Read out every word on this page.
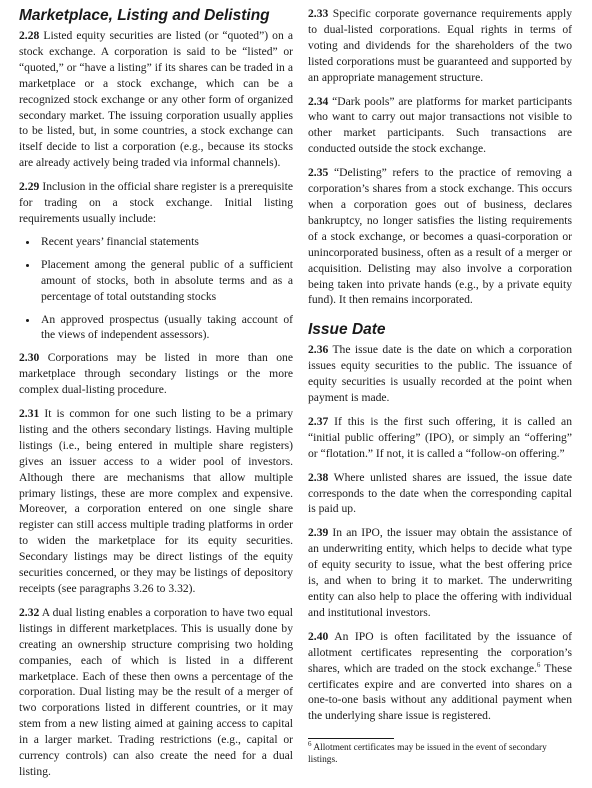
Marketplace, Listing and Delisting

2.28 Listed equity securities are listed (or “quoted”) on a stock exchange. A corporation is said to be “listed” or “quoted,” or “have a listing” if its shares can be traded in a marketplace or a stock exchange, which can be a recognized stock exchange or any other form of organized secondary market. The issuing corporation usually applies to be listed, but, in some countries, a stock exchange can itself decide to list a corporation (e.g., because its stocks are already actively being traded via informal channels).

2.29 Inclusion in the official share register is a prerequisite for trading on a stock exchange. Initial listing requirements usually include:

• Recent years’ financial statements
• Placement among the general public of a sufficient amount of stocks, both in absolute terms and as a percentage of total outstanding stocks
• An approved prospectus (usually taking account of the views of independent assessors).

2.30 Corporations may be listed in more than one marketplace through secondary listings or the more complex dual-listing procedure.

2.31 It is common for one such listing to be a primary listing and the others secondary listings. Having multiple listings (i.e., being entered in multiple share registers) gives an issuer access to a wider pool of investors. Although there are mechanisms that allow multiple primary listings, these are more complex and expensive. Moreover, a corporation entered on one single share register can still access multiple trading platforms in order to widen the marketplace for its equity securities. Secondary listings may be direct listings of the equity securities concerned, or they may be listings of depository receipts (see paragraphs 3.26 to 3.32).

2.32 A dual listing enables a corporation to have two equal listings in different marketplaces. This is usually done by creating an ownership structure comprising two holding companies, each of which is listed in a different marketplace. Each of these then owns a percentage of the corporation. Dual listing may be the result of a merger of two corporations listed in different countries, or it may stem from a new listing aimed at gaining access to capital in a larger market. Trading restrictions (e.g., capital or currency controls) can also create the need for a dual listing.

2.33 Specific corporate governance requirements apply to dual-listed corporations. Equal rights in terms of voting and dividends for the shareholders of the two listed corporations must be guaranteed and supported by an appropriate management structure.

2.34 “Dark pools” are platforms for market participants who want to carry out major transactions not visible to other market participants. Such transactions are conducted outside the stock exchange.

2.35 “Delisting” refers to the practice of removing a corporation’s shares from a stock exchange. This occurs when a corporation goes out of business, declares bankruptcy, no longer satisfies the listing requirements of a stock exchange, or becomes a quasi-corporation or unincorporated business, often as a result of a merger or acquisition. Delisting may also involve a corporation being taken into private hands (e.g., by a private equity fund). It then remains incorporated.

Issue Date

2.36 The issue date is the date on which a corporation issues equity securities to the public. The issuance of equity securities is usually recorded at the point when payment is made.

2.37 If this is the first such offering, it is called an “initial public offering” (IPO), or simply an “offering” or “flotation.” If not, it is called a “follow-on offering.”

2.38 Where unlisted shares are issued, the issue date corresponds to the date when the corresponding capital is paid up.

2.39 In an IPO, the issuer may obtain the assistance of an underwriting entity, which helps to decide what type of equity security to issue, what the best offering price is, and when to bring it to market. The underwriting entity can also help to place the offering with individual and institutional investors.

2.40 An IPO is often facilitated by the issuance of allotment certificates representing the corporation’s shares, which are traded on the stock exchange.$^6$ These certificates expire and are converted into shares on a one-to-one basis without any additional payment when the underlying share issue is registered.

$^6$ Allotment certificates may be issued in the event of secondary listings.
